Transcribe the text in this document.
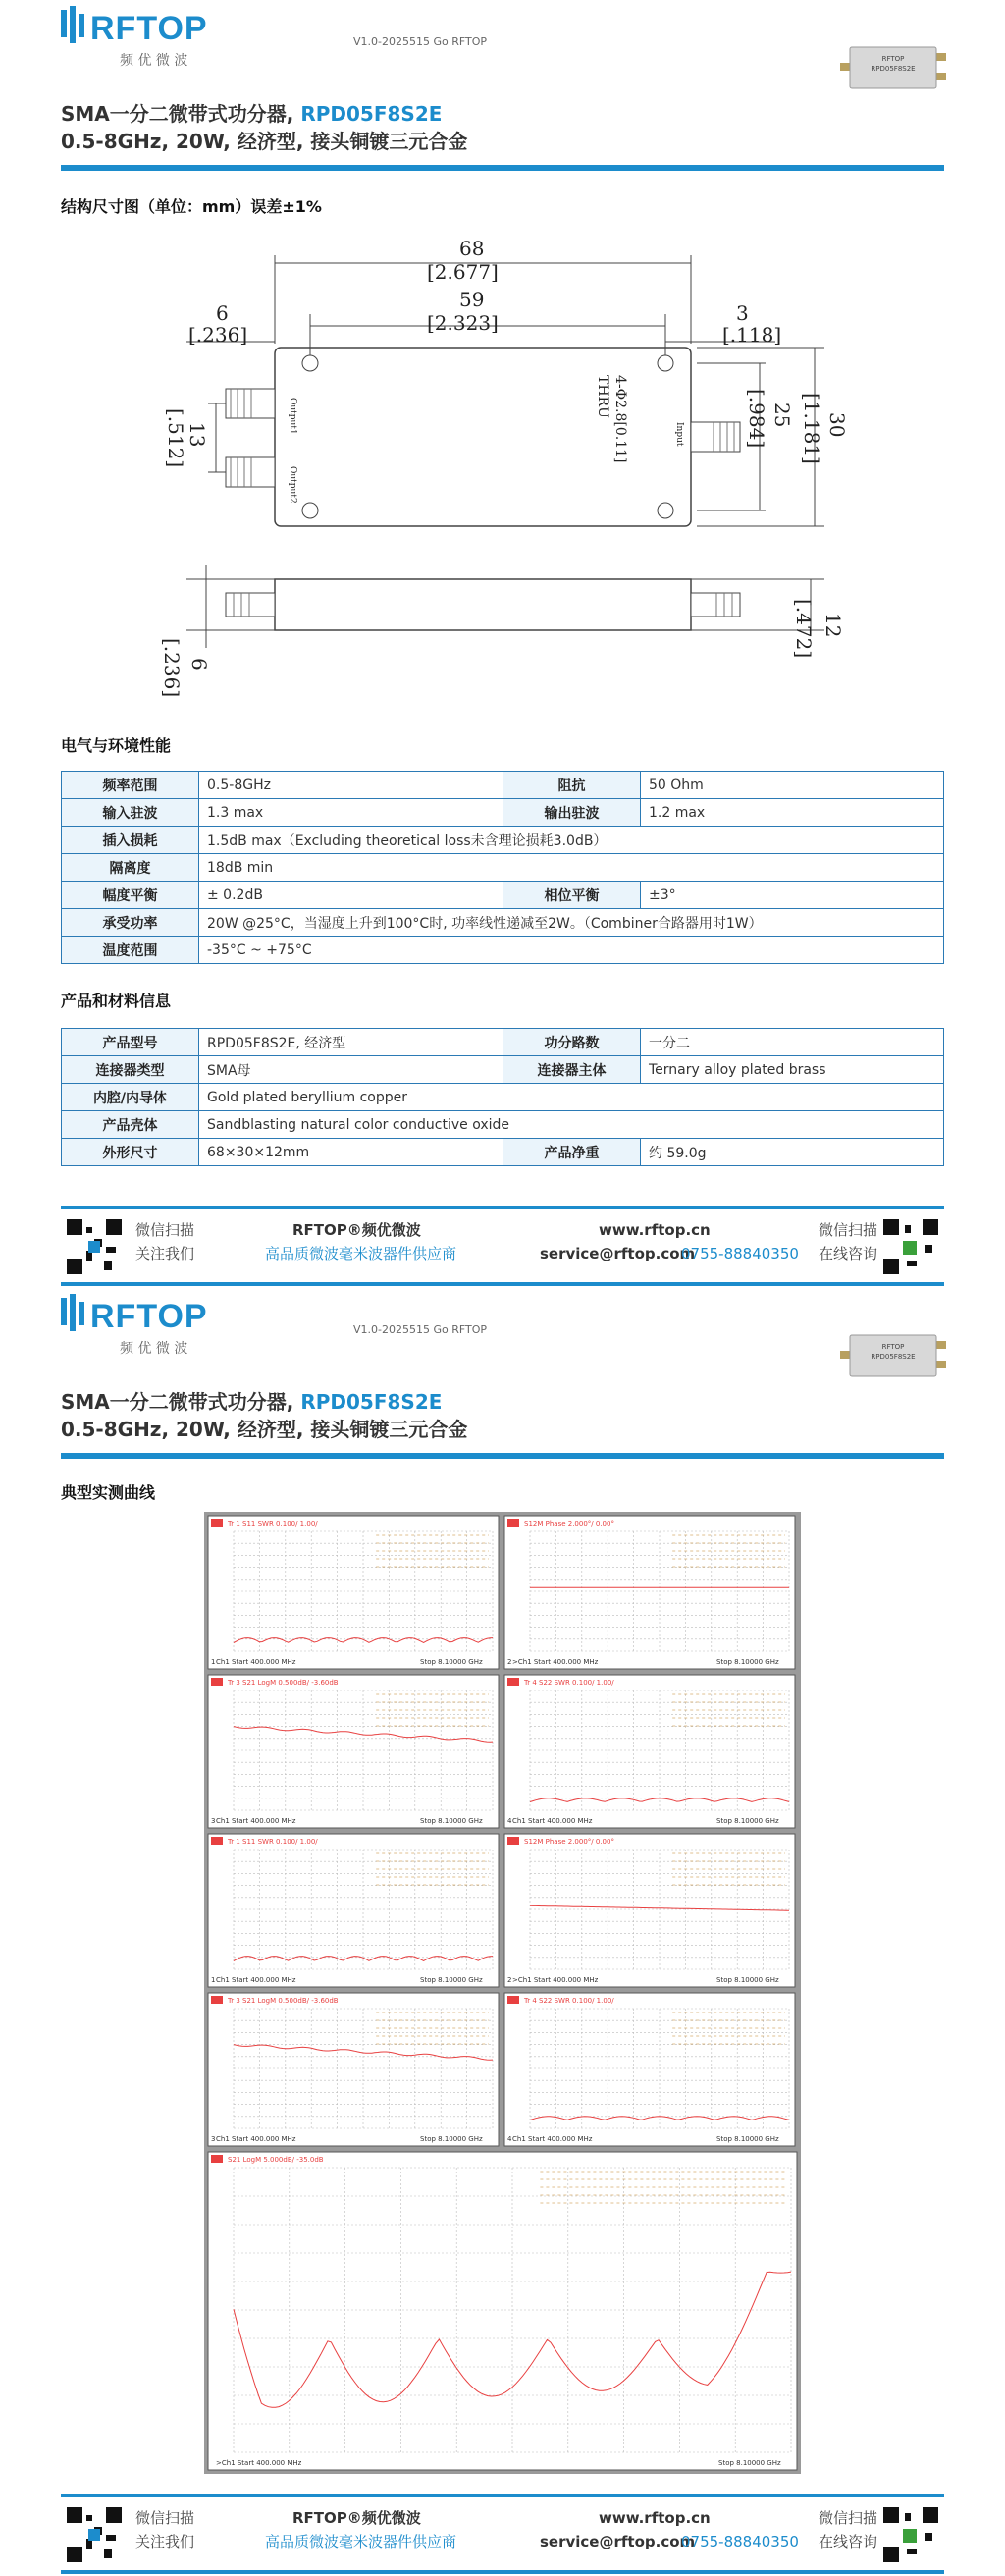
RFTOP
频 优 微 波
V1.0-2025515 Go RFTOP
RFTOP
RPD05F8S2E
SMA一分二微带式功分器, RPD05F8S2E
0.5-8GHz, 20W, 经济型, 接头铜镀三元合金
结构尺寸图（单位：mm）误差±1%
Output1
Output2
Input
68
[2.677]
59
[2.323]
6
[.236]
3
[.118]
4-Φ2.8[0.11]
THRU
13
[.512]	25
[.984]	30
[1.181]
12
[.472]
6
[.236]
电气与环境性能
频率范围	0.5-8GHz	阻抗	50 Ohm
输入驻波	1.3 max	输出驻波	1.2 max
插入损耗	1.5dB max（Excluding theoretical loss未含理论损耗3.0dB）		
隔离度	18dB min		
幅度平衡	± 0.2dB	相位平衡	±3°
承受功率	20W @25°C，当湿度上升到100°C时, 功率线性递减至2W。（Combiner合路器用时1W）		
温度范围	-35°C ~ +75°C		
产品和材料信息
产品型号	RPD05F8S2E, 经济型	功分路数	一分二
连接器类型	SMA母	连接器主体	Ternary alloy plated brass
内腔/内导体	Gold plated beryllium copper		
产品壳体	Sandblasting natural color conductive oxide		
外形尺寸	68×30×12mm	产品净重	约 59.0g
微信扫描
关注我们
RFTOP®频优微波
高品质微波毫米波器件供应商
www.rftop.cn
service@rftop.com
0755-88840350
微信扫描
在线咨询
RFTOP
频 优 微 波
V1.0-2025515 Go RFTOP
RFTOP
RPD05F8S2E
SMA一分二微带式功分器, RPD05F8S2E
0.5-8GHz, 20W, 经济型, 接头铜镀三元合金
典型实测曲线
Tr 1 S11 SWR 0.100/ 1.00/
Ch1 Start 400.000 MHz	Stop 8.10000 GHz
1
S12M Phase 2.000°/ 0.00°
>Ch1 Start 400.000 MHz	Stop 8.10000 GHz
2
Tr 3 S21 LogM 0.500dB/ -3.60dB
Ch1 Start 400.000 MHz	Stop 8.10000 GHz
3
Tr 4 S22 SWR 0.100/ 1.00/
Ch1 Start 400.000 MHz	Stop 8.10000 GHz
4
Tr 1 S11 SWR 0.100/ 1.00/
Ch1 Start 400.000 MHz	Stop 8.10000 GHz
1
S12M Phase 2.000°/ 0.00°
>Ch1 Start 400.000 MHz	Stop 8.10000 GHz
2
Tr 3 S21 LogM 0.500dB/ -3.60dB
Ch1 Start 400.000 MHz	Stop 8.10000 GHz
3
Tr 4 S22 SWR 0.100/ 1.00/
Ch1 Start 400.000 MHz	Stop 8.10000 GHz
4
S21 LogM 5.000dB/ -35.0dB
>Ch1 Start 400.000 MHz	Stop 8.10000 GHz
微信扫描
关注我们
RFTOP®频优微波
高品质微波毫米波器件供应商
www.rftop.cn
service@rftop.com
0755-88840350
微信扫描
在线咨询
